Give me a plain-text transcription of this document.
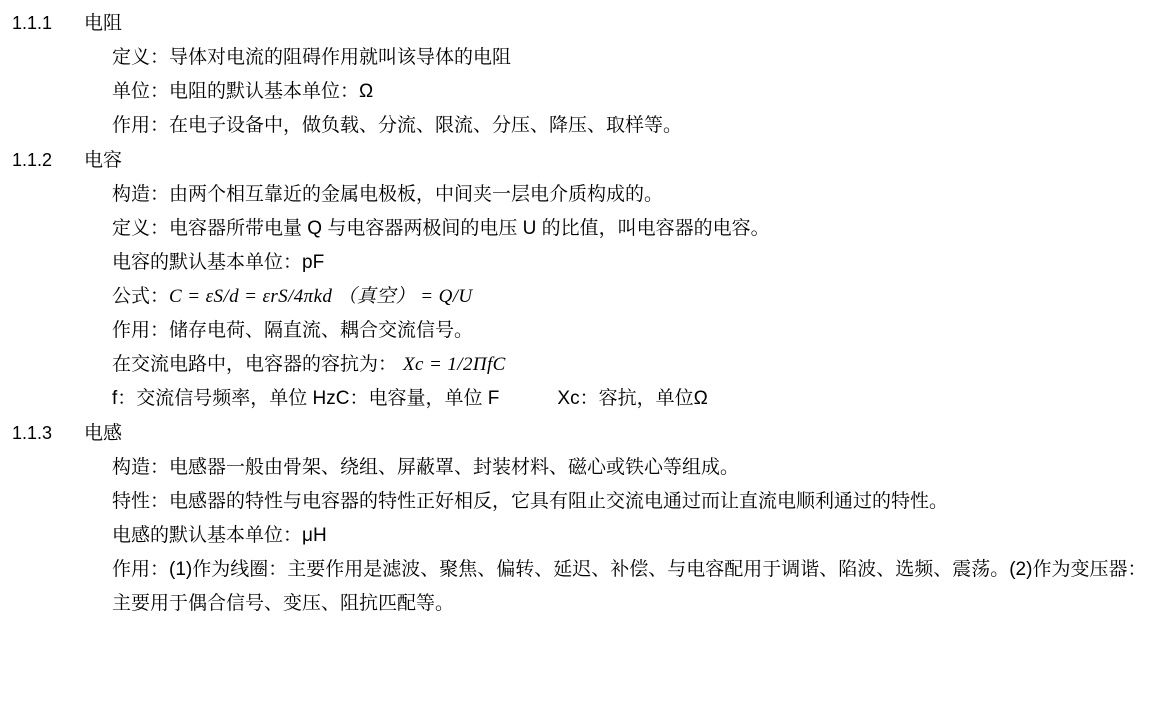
1.1.1	电阻
定义：导体对电流的阻碍作用就叫该导体的电阻
单位：电阻的默认基本单位：Ω
作用：在电子设备中，做负载、分流、限流、分压、降压、取样等。
1.1.2	电容
构造：由两个相互靠近的金属电极板，中间夹一层电介质构成的。
定义：电容器所带电量 Q 与电容器两极间的电压 U 的比值，叫电容器的电容。
电容的默认基本单位：pF
公式：C = εS/d = εrS/4πkd （真空） = Q/U
作用：储存电荷、隔直流、耦合交流信号。
在交流电路中，电容器的容抗为： Xc = 1/2ΠfC
f：交流信号频率，单位 HzC：电容量，单位 F	Xc：容抗，单位Ω
1.1.3	电感
构造：电感器一般由骨架、绕组、屏蔽罩、封装材料、磁心或铁心等组成。
特性：电感器的特性与电容器的特性正好相反，它具有阻止交流电通过而让直流电顺利通过的特性。
电感的默认基本单位：μH
作用：(1)作为线圈：主要作用是滤波、聚焦、偏转、延迟、补偿、与电容配用于调谐、陷波、选频、震荡。(2)作为变压器：主要用于偶合信号、变压、阻抗匹配等。
